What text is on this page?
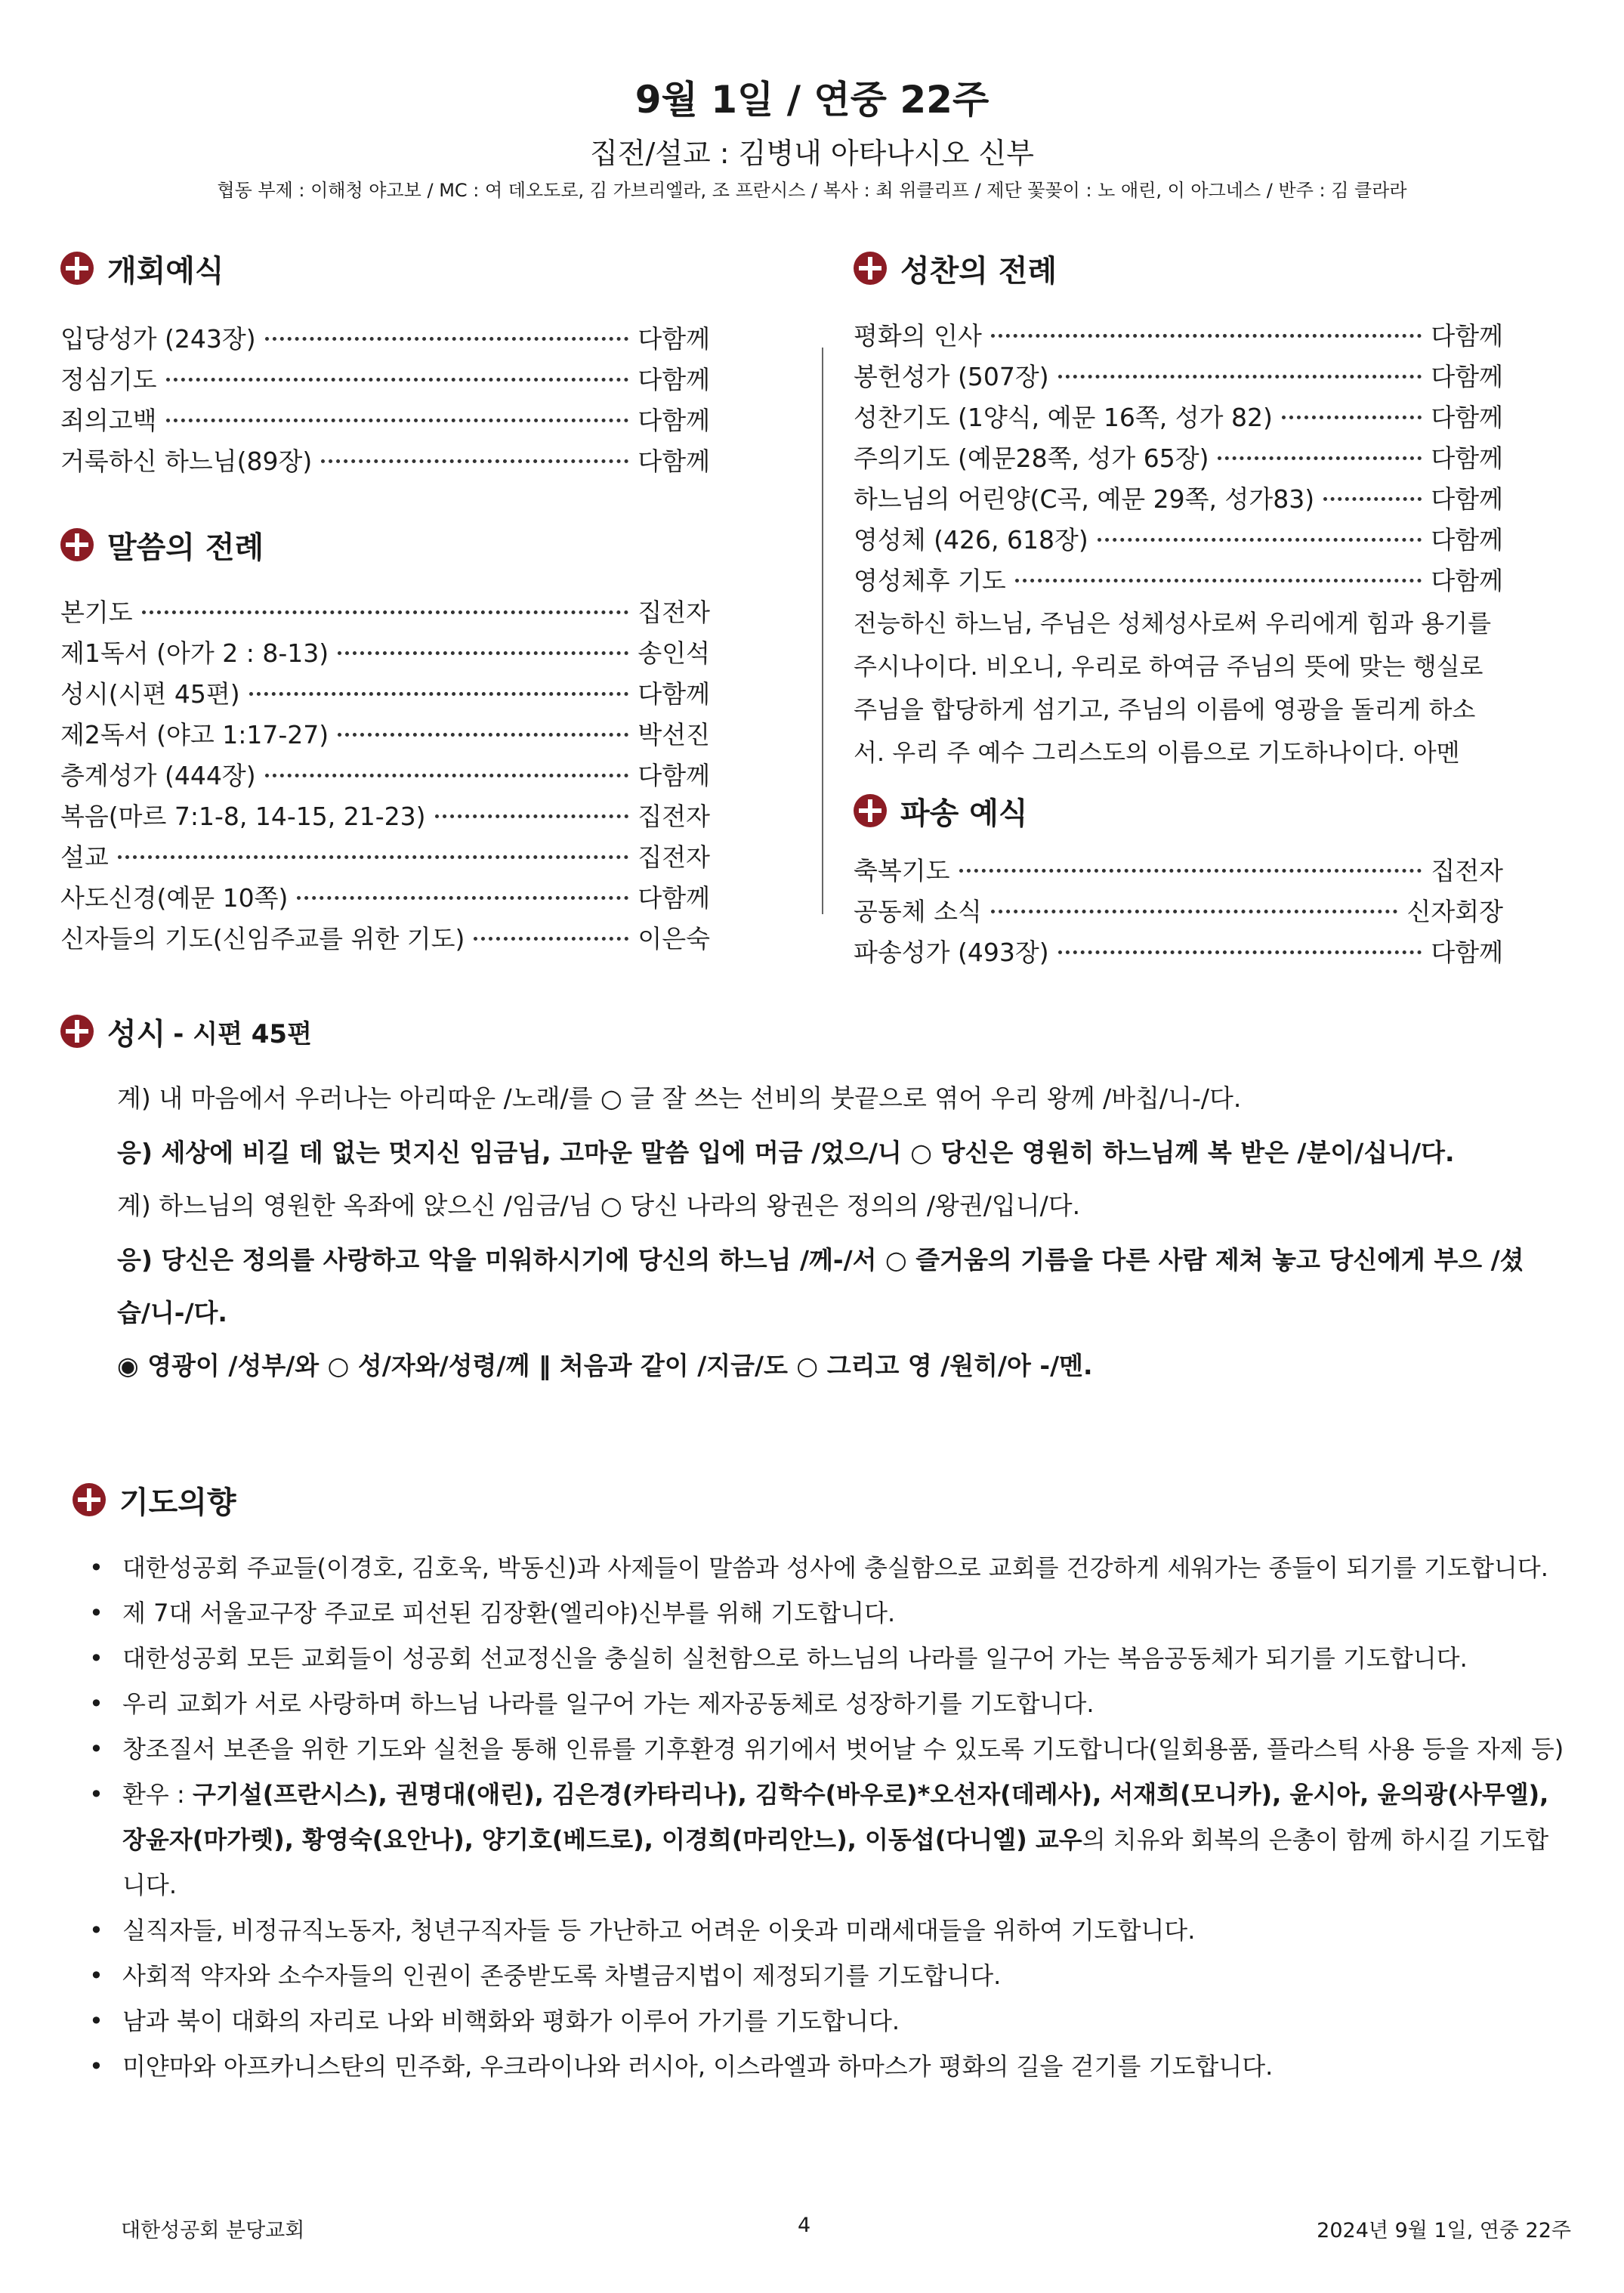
9월 1일 / 연중 22주
집전/설교 : 김병내 아타나시오 신부
협동 부제 : 이해청 야고보 / MC : 여 데오도로, 김 가브리엘라, 조 프란시스 / 복사 : 최 위클리프 / 제단 꽃꽂이 : 노 애린, 이 아그네스 / 반주 : 김 클라라
개회예식
입당성가 (243장)	다함께
정심기도	다함께
죄의고백	다함께
거룩하신 하느님(89장)	다함께
말씀의 전례
본기도	집전자
제1독서 (아가 2 : 8-13)	송인석
성시(시편 45편)	다함께
제2독서 (야고 1:17-27)	박선진
층계성가 (444장)	다함께
복음(마르 7:1-8, 14-15, 21-23)	집전자
설교	집전자
사도신경(예문 10쪽)	다함께
신자들의 기도(신임주교를 위한 기도)	이은숙
성찬의 전례
평화의 인사	다함께
봉헌성가 (507장)	다함께
성찬기도 (1양식, 예문 16쪽, 성가 82)	다함께
주의기도 (예문28쪽, 성가 65장)	다함께
하느님의 어린양(C곡, 예문 29쪽, 성가83)	다함께
영성체 (426, 618장)	다함께
영성체후 기도	다함께
전능하신 하느님, 주님은 성체성사로써 우리에게 힘과 용기를 주시나이다. 비오니, 우리로 하여금 주님의 뜻에 맞는 행실로 주님을 합당하게 섬기고, 주님의 이름에 영광을 돌리게 하소서. 우리 주 예수 그리스도의 이름으로 기도하나이다. 아멘
파송 예식
축복기도	집전자
공동체 소식	신자회장
파송성가 (493장)	다함께
성시 - 시편 45편
계) 내 마음에서 우러나는 아리따운 /노래/를 ○ 글 잘 쓰는 선비의 붓끝으로 엮어 우리 왕께 /바칩/니-/다.
응) 세상에 비길 데 없는 멋지신 임금님, 고마운 말씀 입에 머금 /었으/니 ○ 당신은 영원히 하느님께 복 받은 /분이/십니/다.
계) 하느님의 영원한 옥좌에 앉으신 /임금/님 ○ 당신 나라의 왕권은 정의의 /왕권/입니/다.
응) 당신은 정의를 사랑하고 악을 미워하시기에 당신의 하느님 /께-/서 ○ 즐거움의 기름을 다른 사람 제쳐 놓고 당신에게 부으 /셨
습/니-/다.
◉ 영광이 /성부/와 ○ 성/자와/성령/께 ‖ 처음과 같이 /지금/도 ○ 그리고 영 /원히/아 -/멘.
기도의향
• 대한성공회 주교들(이경호, 김호욱, 박동신)과 사제들이 말씀과 성사에 충실함으로 교회를 건강하게 세워가는 종들이 되기를 기도합니다.
• 제 7대 서울교구장 주교로 피선된 김장환(엘리야)신부를 위해 기도합니다.
• 대한성공회 모든 교회들이 성공회 선교정신을 충실히 실천함으로 하느님의 나라를 일구어 가는 복음공동체가 되기를 기도합니다.
• 우리 교회가 서로 사랑하며 하느님 나라를 일구어 가는 제자공동체로 성장하기를 기도합니다.
• 창조질서 보존을 위한 기도와 실천을 통해 인류를 기후환경 위기에서 벗어날 수 있도록 기도합니다(일회용품, 플라스틱 사용 등을 자제 등)
• 환우 : 구기설(프란시스), 권명대(애린), 김은경(카타리나), 김학수(바우로)*오선자(데레사), 서재희(모니카), 윤시아, 윤의광(사무엘), 장윤자(마가렛), 황영숙(요안나), 양기호(베드로), 이경희(마리안느), 이동섭(다니엘) 교우의 치유와 회복의 은총이 함께 하시길 기도합니다.
• 실직자들, 비정규직노동자, 청년구직자들 등 가난하고 어려운 이웃과 미래세대들을 위하여 기도합니다.
• 사회적 약자와 소수자들의 인권이 존중받도록 차별금지법이 제정되기를 기도합니다.
• 남과 북이 대화의 자리로 나와 비핵화와 평화가 이루어 가기를 기도합니다.
• 미얀마와 아프카니스탄의 민주화, 우크라이나와 러시아, 이스라엘과 하마스가 평화의 길을 걷기를 기도합니다.
대한성공회 분당교회	4	2024년 9월 1일, 연중 22주
